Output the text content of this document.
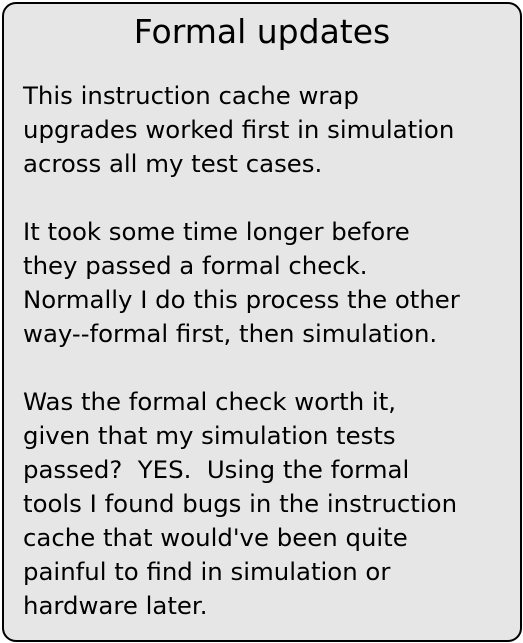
Formal updates

This instruction cache wrap
upgrades worked first in simulation
across all my test cases.

It took some time longer before
they passed a formal check.
Normally I do this process the other
way--formal first, then simulation.

Was the formal check worth it,
given that my simulation tests
passed?  YES.  Using the formal
tools I found bugs in the instruction
cache that would've been quite
painful to find in simulation or
hardware later.
